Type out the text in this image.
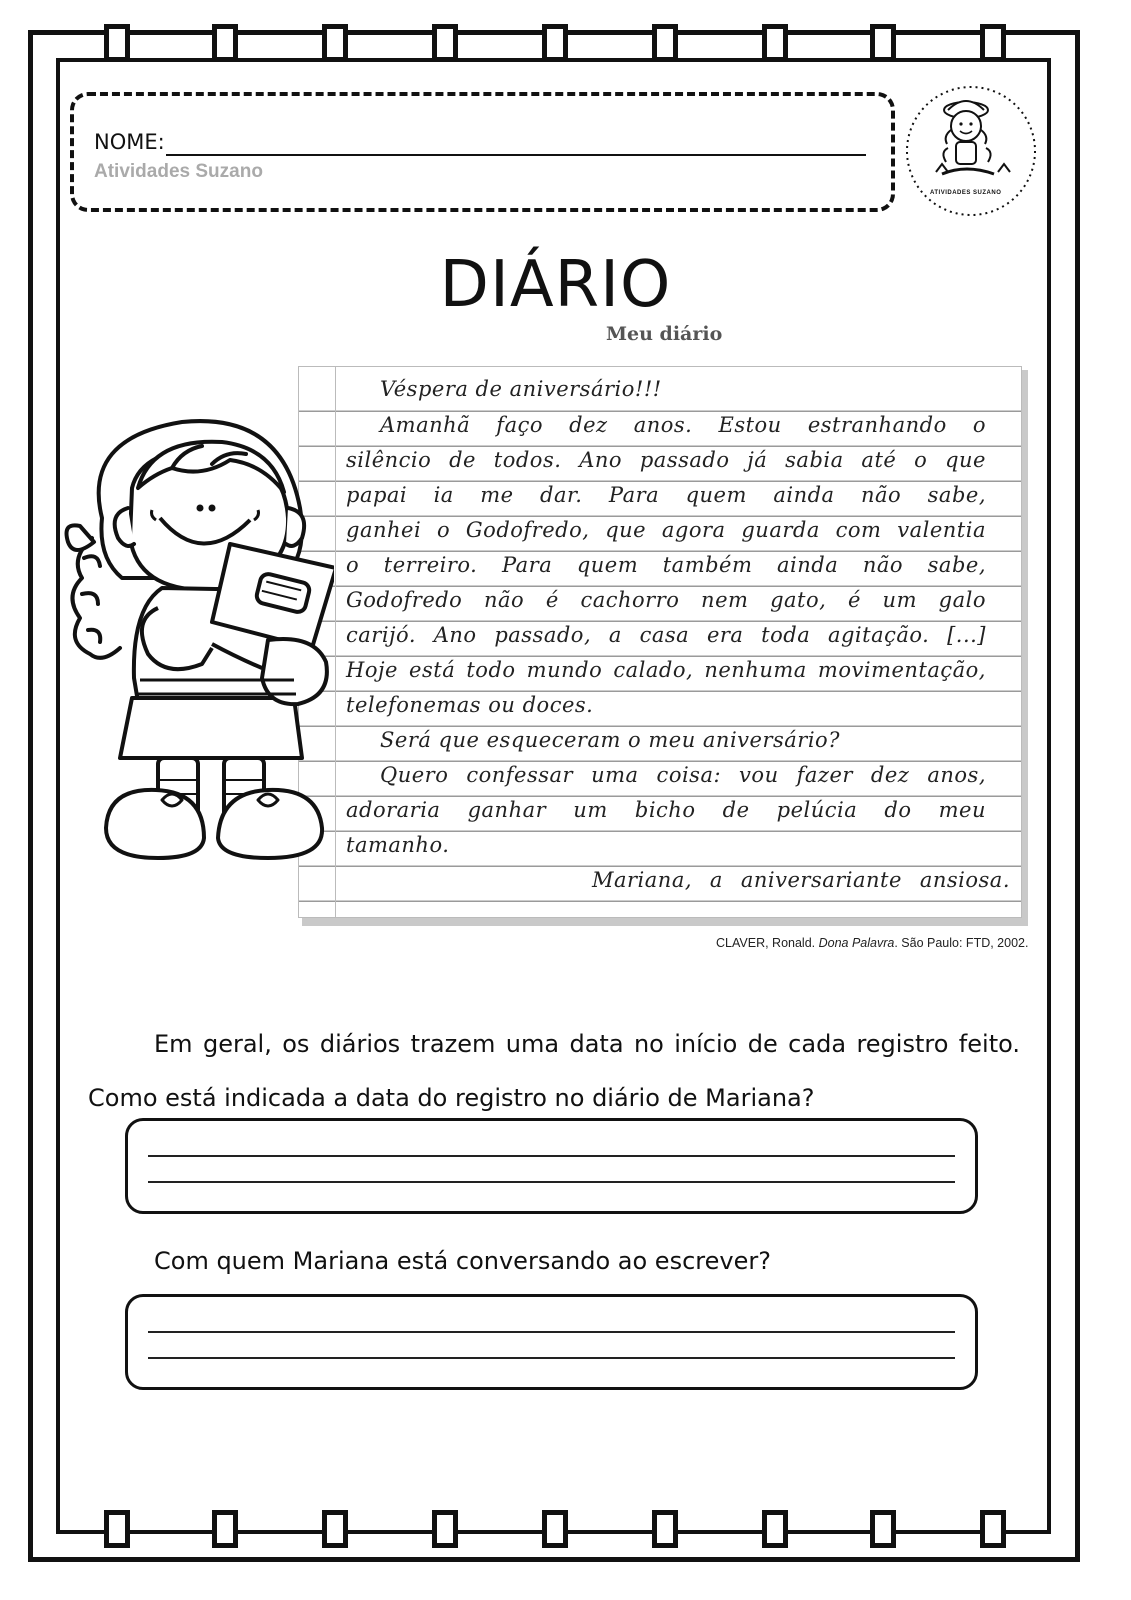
NOME:
Atividades Suzano
ATIVIDADES SUZANO
DIÁRIO
Meu diário
Véspera de aniversário!!!
Amanhã faço dez anos. Estou estranhando o
silêncio de todos. Ano passado já sabia até o que
papai ia me dar. Para quem ainda não sabe,
ganhei o Godofredo, que agora guarda com valentia
o terreiro. Para quem também ainda não sabe,
Godofredo não é cachorro nem gato, é um galo
carijó. Ano passado, a casa era toda agitação. [...]
Hoje está todo mundo calado, nenhuma movimentação,
telefonemas ou doces.
Será que esqueceram o meu aniversário?
Quero confessar uma coisa: vou fazer dez anos,
adoraria ganhar um bicho de pelúcia do meu
tamanho.
Mariana, a aniversariante ansiosa.
CLAVER, Ronald. Dona Palavra. São Paulo: FTD, 2002.
Em geral, os diários trazem uma data no início de cada registro feito.
Como está indicada a data do registro no diário de Mariana?
Com quem Mariana está conversando ao escrever?
